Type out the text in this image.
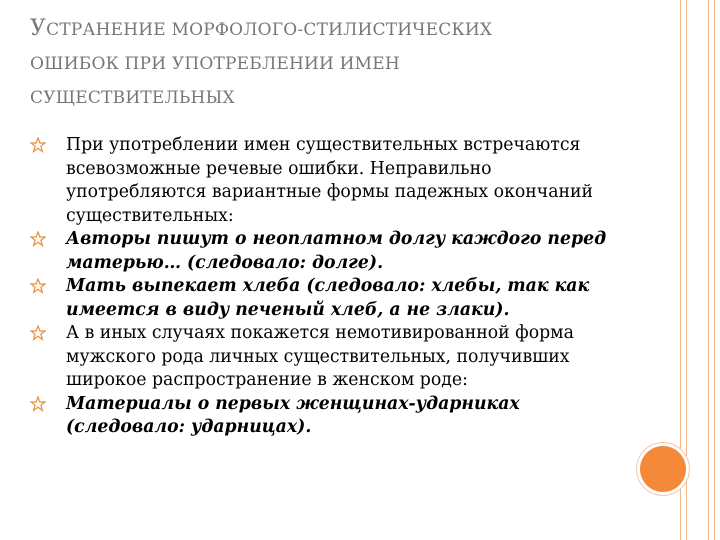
УСТРАНЕНИЕ МОРФОЛОГО-СТИЛИСТИЧЕСКИХ
ОШИБОК ПРИ УПОТРЕБЛЕНИИ ИМЕН
СУЩЕСТВИТЕЛЬНЫХ
При употреблении имен существительных встречаются всевозможные речевые ошибки. Неправильно употребляются вариантные формы падежных окончаний существительных:
Авторы пишут о неоплатном долгу каждого перед матерью… (следовало: долге).
Мать выпекает хлеба (следовало: хлебы, так как имеется в виду печеный хлеб, а не злаки).
А в иных случаях покажется немотивированной форма мужского рода личных существительных, получивших широкое распространение в женском роде:
Материалы о первых женщинах-ударниках (следовало: ударницах).
